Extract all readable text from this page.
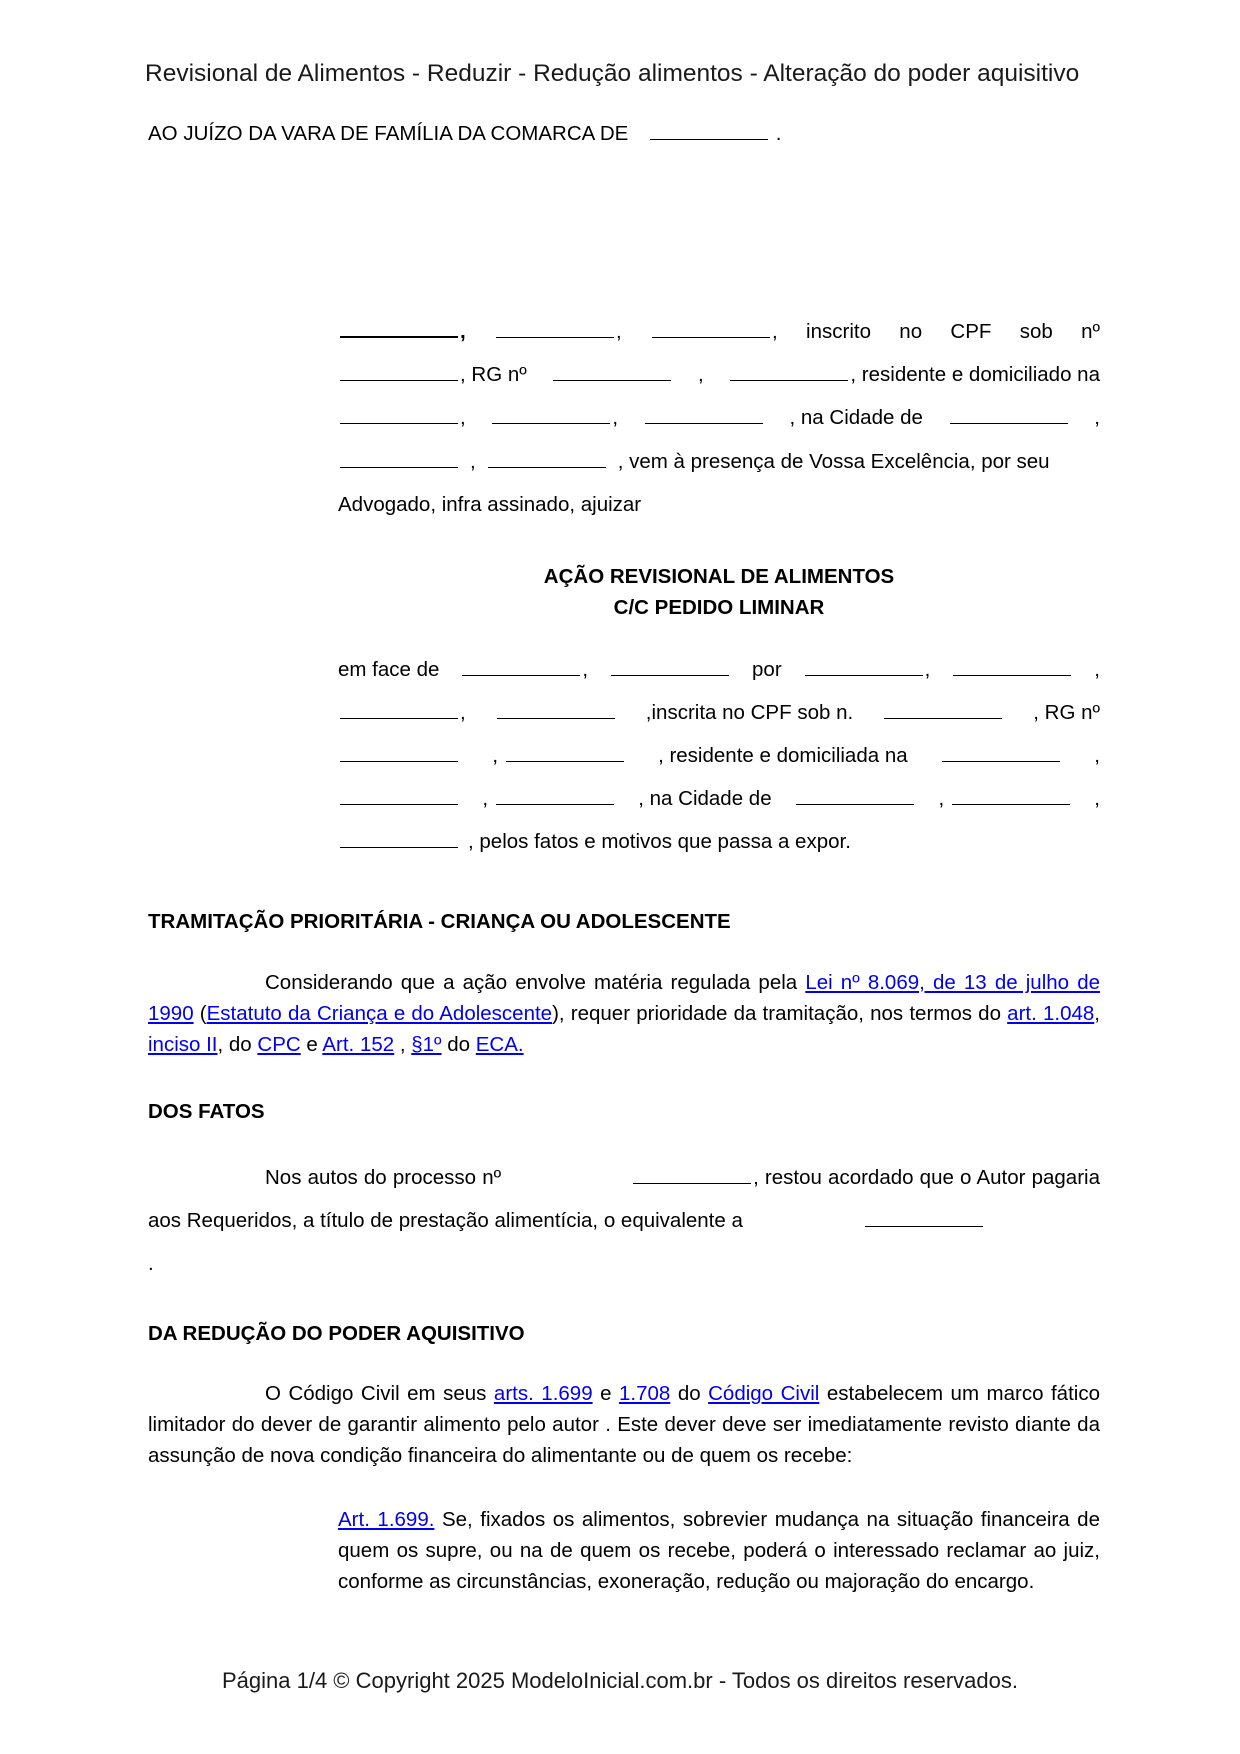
Revisional de Alimentos - Reduzir - Redução alimentos - Alteração do poder aquisitivo
AO JUÍZO DA VARA DE FAMÍLIA DA COMARCA DE	.
,	,	, inscrito no CPF sob nº
, RG nº	,	, residente e domiciliado na
,	,	, na Cidade de	,
,	, vem à presença de Vossa Excelência, por seu
Advogado, infra assinado, ajuizar
AÇÃO REVISIONAL DE ALIMENTOS
C/C PEDIDO LIMINAR
em face de	,	por	,	,
,	,inscrita no CPF sob n.	, RG nº
,	, residente e domiciliada na	,
,	, na Cidade de	,	,
, pelos fatos e motivos que passa a expor.
TRAMITAÇÃO PRIORITÁRIA - CRIANÇA OU ADOLESCENTE
Considerando que a ação envolve matéria regulada pela Lei nº 8.069, de 13 de julho de 1990 (Estatuto da Criança e do Adolescente), requer prioridade da tramitação, nos termos do art. 1.048, inciso II, do CPC e Art. 152 , §1º do ECA.
DOS FATOS
Nos autos do processo nº	, restou acordado que o Autor pagaria aos Requeridos, a título de prestação alimentícia, o equivalente a
.
DA REDUÇÃO DO PODER AQUISITIVO
O Código Civil em seus arts. 1.699 e 1.708 do Código Civil estabelecem um marco fático limitador do dever de garantir alimento pelo autor . Este dever deve ser imediatamente revisto diante da assunção de nova condição financeira do alimentante ou de quem os recebe:
Art. 1.699. Se, fixados os alimentos, sobrevier mudança na situação financeira de quem os supre, ou na de quem os recebe, poderá o interessado reclamar ao juiz, conforme as circunstâncias, exoneração, redução ou majoração do encargo.
Página 1/4 © Copyright 2025 ModeloInicial.com.br - Todos os direitos reservados.
